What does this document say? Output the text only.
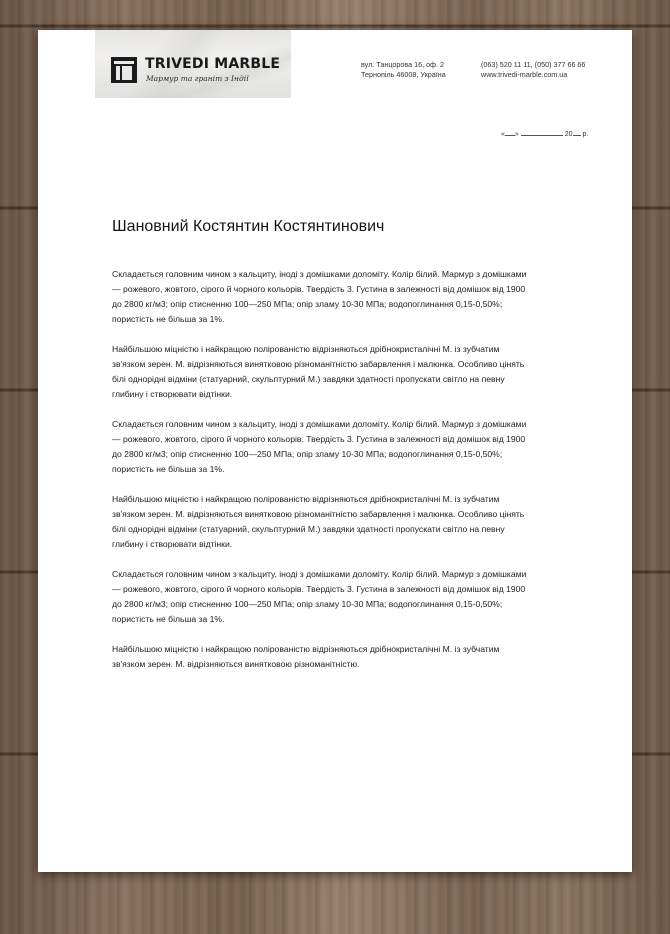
TRIVEDI MARBLE
Мармур та граніт з Індії
вул. Танцорова 16, оф. 2
Тернопіль 46008, Україна
(063) 520 11 11, (050) 377 66 66
www.trivedi-marble.com.ua
« »	20 р.
Шановний Костянтин Костянтинович

Складається головним чином з кальциту, іноді з домішками доломіту. Колір білий. Мармур з домішками — рожевого, жовтого, сірого й чорного кольорів. Твердість 3. Густина в залежності від домішок від 1900 до 2800 кг/м3; опір стисненню 100—250 МПа; опір зламу 10-30 МПа; водопоглинання 0,15-0,50%; пористість не більша за 1%.

Найбільшою міцністю і найкращою полірованістю відрізняються дрібнокристалічні М. із зубчатим зв'язком зерен. М. відрізняються винятковою різноманітністю забарвлення і малюнка. Особливо цінять білі однорідні відміни (статуарний, скульптурний М.) завдяки здатності пропускати світло на певну глибину і створювати відтінки.

Складається головним чином з кальциту, іноді з домішками доломіту. Колір білий. Мармур з домішками — рожевого, жовтого, сірого й чорного кольорів. Твердість 3. Густина в залежності від домішок від 1900 до 2800 кг/м3; опір стисненню 100—250 МПа; опір зламу 10-30 МПа; водопоглинання 0,15-0,50%; пористість не більша за 1%.

Найбільшою міцністю і найкращою полірованістю відрізняються дрібнокристалічні М. із зубчатим зв'язком зерен. М. відрізняються винятковою різноманітністю забарвлення і малюнка. Особливо цінять білі однорідні відміни (статуарний, скульптурний М.) завдяки здатності пропускати світло на певну глибину і створювати відтінки.

Складається головним чином з кальциту, іноді з домішками доломіту. Колір білий. Мармур з домішками — рожевого, жовтого, сірого й чорного кольорів. Твердість 3. Густина в залежності від домішок від 1900 до 2800 кг/м3; опір стисненню 100—250 МПа; опір зламу 10-30 МПа; водопоглинання 0,15-0,50%; пористість не більша за 1%.

Найбільшою міцністю і найкращою полірованістю відрізняються дрібнокристалічні М. із зубчатим зв'язком зерен. М. відрізняються винятковою різноманітністю.
